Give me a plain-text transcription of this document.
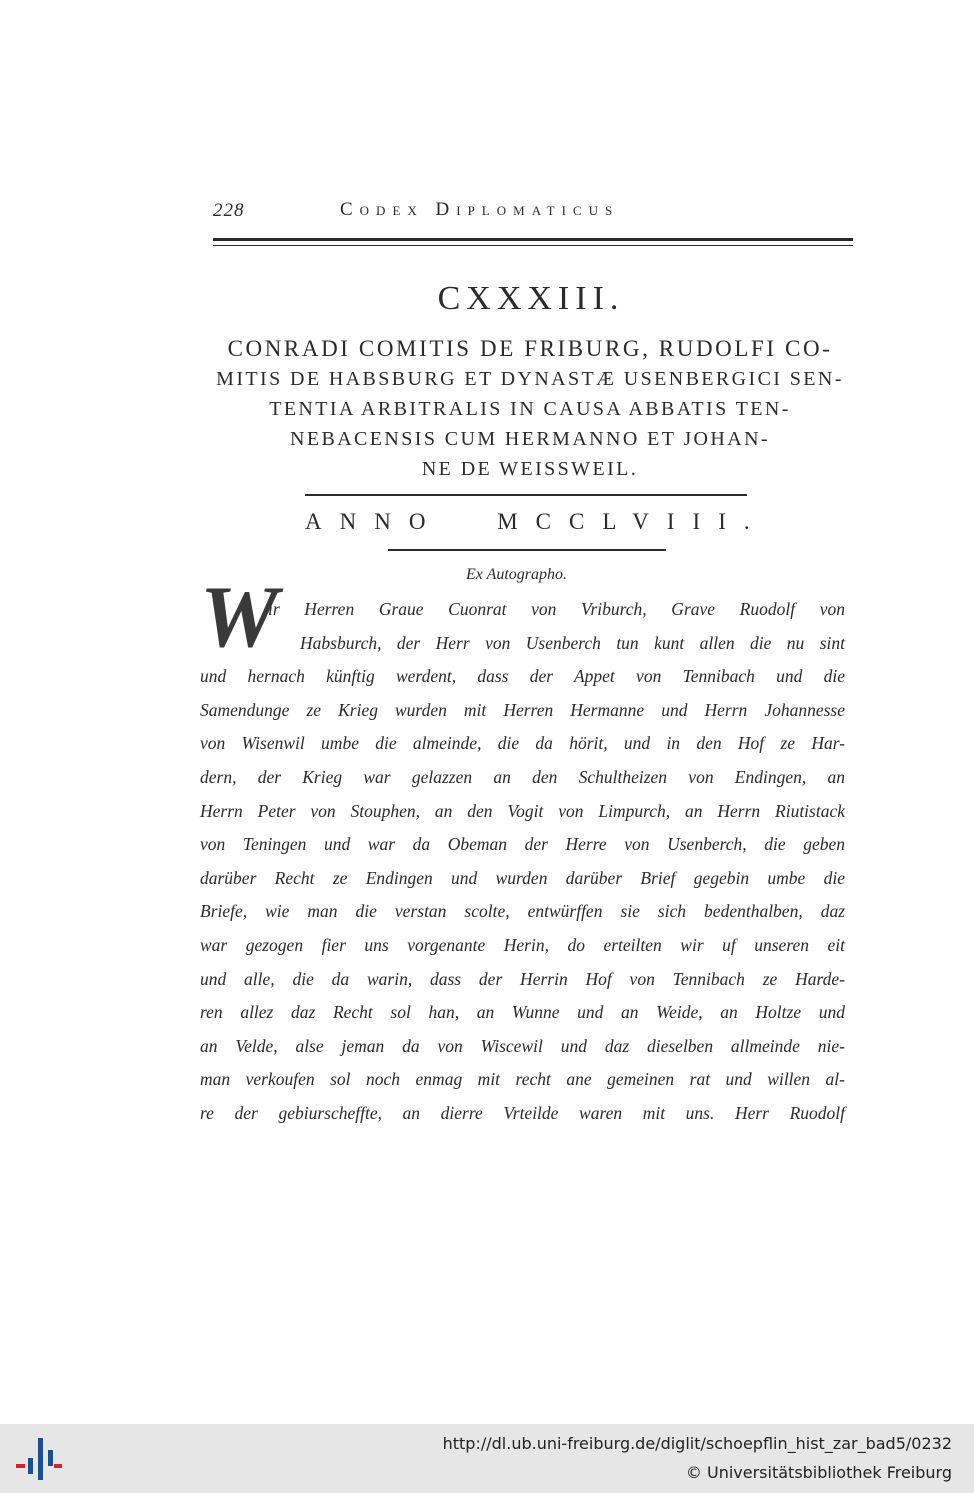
228	Codex Diplomaticus
CXXXIII.
CONRADI COMITIS DE FRIBURG, RUDOLFI CO-
MITIS DE HABSBURG ET DYNASTÆ USENBERGICI SEN-
TENTIA ARBITRALIS IN CAUSA ABBATIS TEN-
NEBACENSIS CUM HERMANNO ET JOHAN-
NE DE WEISSWEIL.
ANNO MCCLVIII.
Ex Autographo.
W
ir Herren Graue Cuonrat von Vriburch, Grave Ruodolf von
Habsburch, der Herr von Usenberch tun kunt allen die nu sint
und hernach künftig werdent, dass der Appet von Tennibach und die
Samendunge ze Krieg wurden mit Herren Hermanne und Herrn Johannesse
von Wisenwil umbe die almeinde, die da hörit, und in den Hof ze Har-
dern, der Krieg war gelazzen an den Schultheizen von Endingen, an
Herrn Peter von Stouphen, an den Vogit von Limpurch, an Herrn Riutistack
von Teningen und war da Obeman der Herre von Usenberch, die geben
darüber Recht ze Endingen und wurden darüber Brief gegebin umbe die
Briefe, wie man die verstan scolte, entwürffen sie sich bedenthalben, daz
war gezogen fier uns vorgenante Herin, do erteilten wir uf unseren eit
und alle, die da warin, dass der Herrin Hof von Tennibach ze Harde-
ren allez daz Recht sol han, an Wunne und an Weide, an Holtze und
an Velde, alse jeman da von Wiscewil und daz dieselben allmeinde nie-
man verkoufen sol noch enmag mit recht ane gemeinen rat und willen al-
re der gebiurscheffte, an dierre Vrteilde waren mit uns. Herr Ruodolf
http://dl.ub.uni-freiburg.de/diglit/schoepflin_hist_zar_bad5/0232
© Universitätsbibliothek Freiburg
